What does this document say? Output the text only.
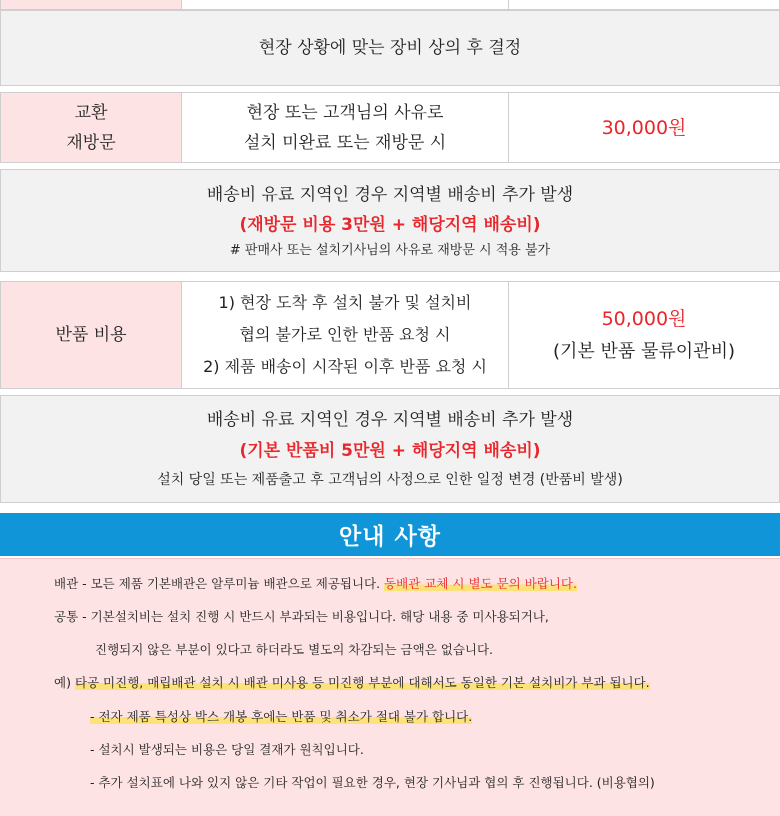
현장 상황에 맞는 장비 상의 후 결정
교환
재방문
현장 또는 고객님의 사유로
설치 미완료 또는 재방문 시
30,000원
배송비 유료 지역인 경우 지역별 배송비 추가 발생
(재방문 비용 3만원 + 해당지역 배송비)
# 판매사 또는 설치기사님의 사유로 재방문 시 적용 불가
반품 비용
1) 현장 도착 후 설치 불가 및 설치비
협의 불가로 인한 반품 요청 시
2) 제품 배송이 시작된 이후 반품 요청 시
50,000원
(기본 반품 물류이관비)
배송비 유료 지역인 경우 지역별 배송비 추가 발생
(기본 반품비 5만원 + 해당지역 배송비)
설치 당일 또는 제품출고 후 고객님의 사정으로 인한 일정 변경 (반품비 발생)
안내 사항
배관 - 모든 제품 기본배관은 알루미늄 배관으로 제공됩니다. 동배관 교체 시 별도 문의 바랍니다.
공통 - 기본설치비는 설치 진행 시 반드시 부과되는 비용입니다. 해당 내용 중 미사용되거나,
진행되지 않은 부분이 있다고 하더라도 별도의 차감되는 금액은 없습니다.
예) 타공 미진행, 매립배관 설치 시 배관 미사용 등 미진행 부분에 대해서도 동일한 기본 설치비가 부과 됩니다.
- 전자 제품 특성상 박스 개봉 후에는 반품 및 취소가 절대 불가 합니다.
- 설치시 발생되는 비용은 당일 결재가 원칙입니다.
- 추가 설치표에 나와 있지 않은 기타 작업이 필요한 경우, 현장 기사님과 협의 후 진행됩니다. (비용협의)
